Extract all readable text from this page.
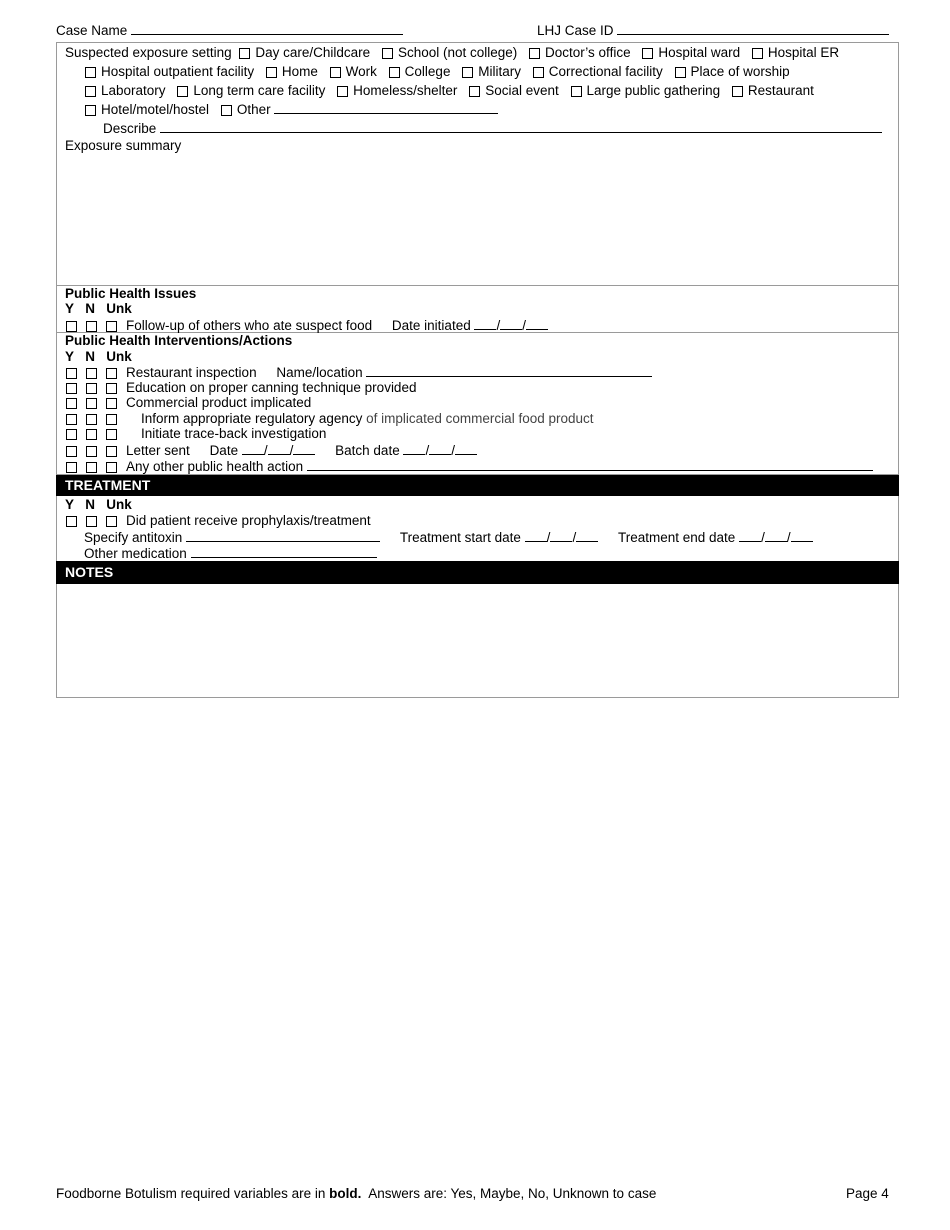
Case Name	LHJ Case ID
Suspected exposure setting Day care/Childcare School (not college) Doctor’s office Hospital ward Hospital ER
Hospital outpatient facility Home Work College Military Correctional facility Place of worship
Laboratory Long term care facility Homeless/shelter Social event Large public gathering Restaurant
Hotel/motel/hostel Other
Describe
Exposure summary
Public Health Issues
Y N Unk
Follow-up of others who ate suspect food Date initiated / /
Public Health Interventions/Actions
Y N Unk
Restaurant inspection Name/location
Education on proper canning technique provided
Commercial product implicated
Inform appropriate regulatory agency of implicated commercial food product
Initiate trace-back investigation
Letter sent Date / /	Batch date / /
Any other public health action
TREATMENT
Y N Unk
Did patient receive prophylaxis/treatment
Specify antitoxin	Treatment start date / /	Treatment end date / /
Other medication
NOTES
Foodborne Botulism required variables are in bold. Answers are: Yes, Maybe, No, Unknown to case	Page 4
